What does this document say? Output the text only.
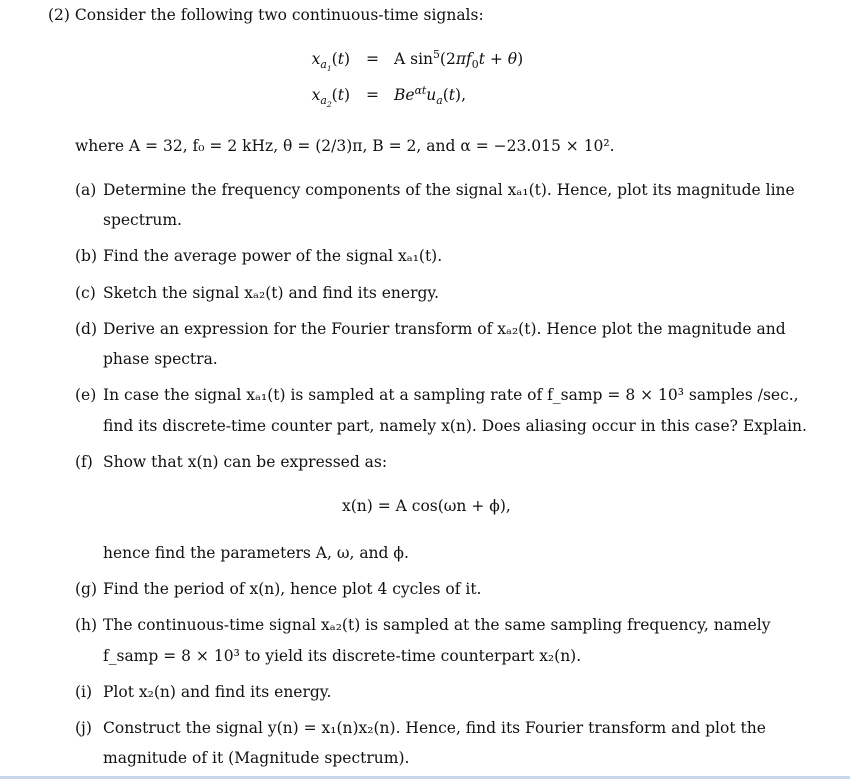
(2) Consider the following two continuous-time signals:
$x_{a_1}(t) = A$ $\sin^5(2\pi f_0t + \theta)$
$x_{a_2}(t) = Be^{\alpha t}u_a(t)$,
where A = 32, f₀ = 2 kHz, θ = (2/3)π, B = 2, and α = −23.015 × 10².
(a) Determine the frequency components of the signal xₐ₁(t). Hence, plot its magnitude line
spectrum.
(b) Find the average power of the signal xₐ₁(t).
(c) Sketch the signal xₐ₂(t) and find its energy.
(d) Derive an expression for the Fourier transform of xₐ₂(t). Hence plot the magnitude and
phase spectra.
(e) In case the signal xₐ₁(t) is sampled at a sampling rate of f_samp = 8 × 10³ samples /sec.,
find its discrete-time counter part, namely x(n). Does aliasing occur in this case? Explain.
(f) Show that x(n) can be expressed as:
x(n) = A cos(ωn + ϕ),
hence find the parameters A, ω, and ϕ.
(g) Find the period of x(n), hence plot 4 cycles of it.
(h) The continuous-time signal xₐ₂(t) is sampled at the same sampling frequency, namely
f_samp = 8 × 10³ to yield its discrete-time counterpart x₂(n).
(i) Plot x₂(n) and find its energy.
(j) Construct the signal y(n) = x₁(n)x₂(n). Hence, find its Fourier transform and plot the
magnitude of it (Magnitude spectrum).
